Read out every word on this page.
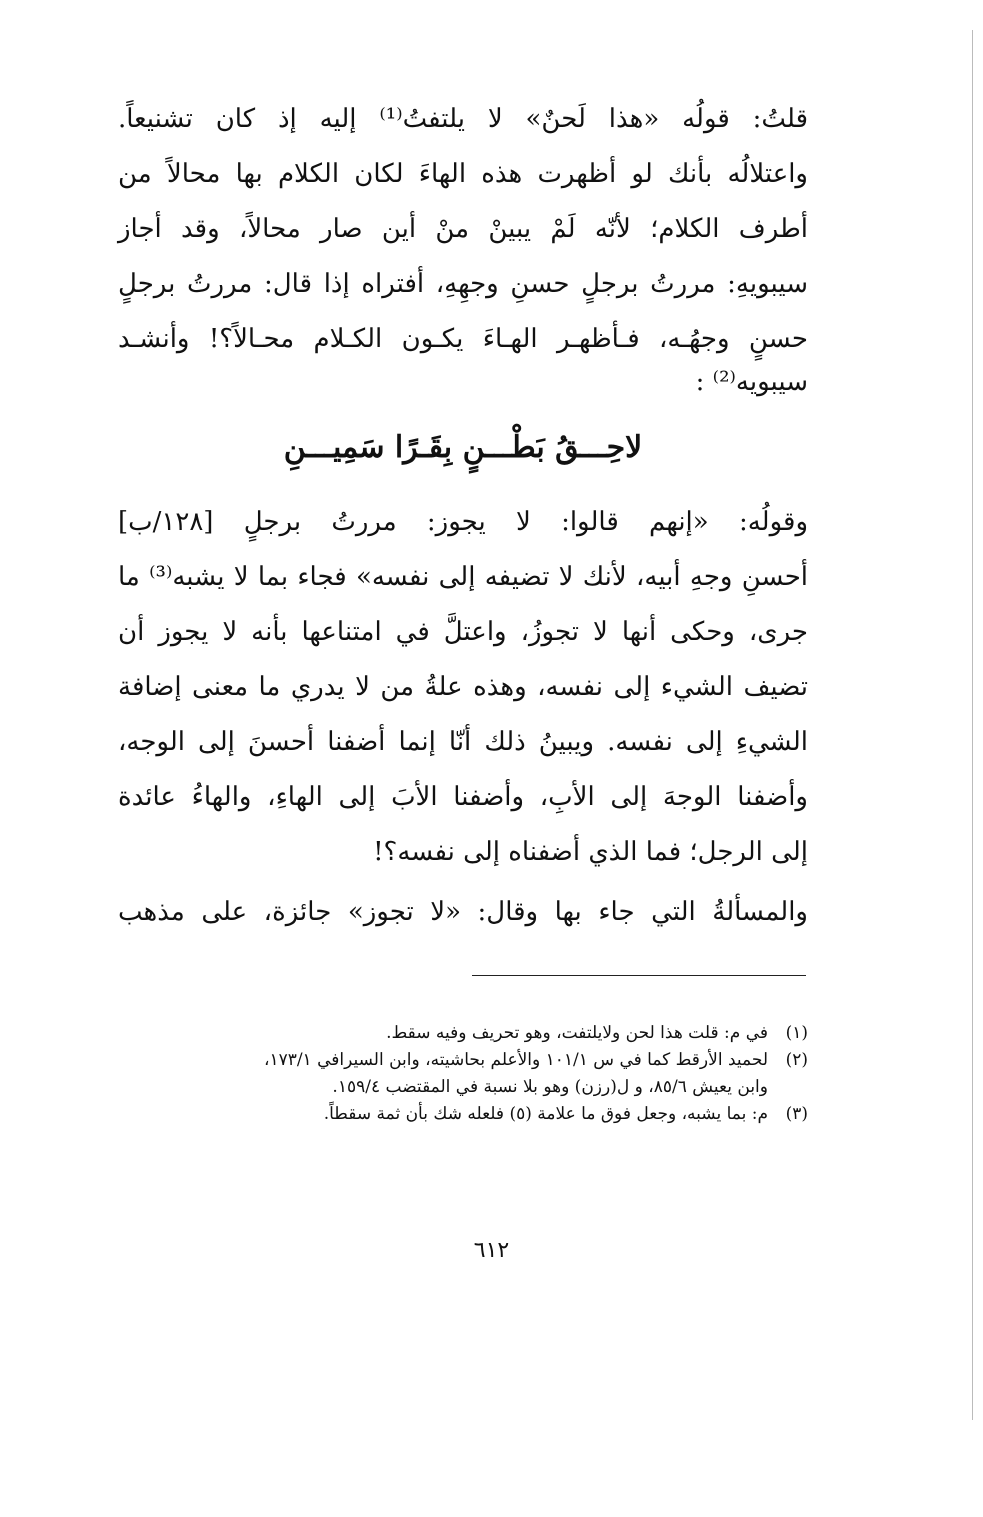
قلتُ: قولُه «هذا لَحنٌ» لا يلتفتُ⁽¹⁾ إليه إذ كان تشنيعاً.
واعتلالُه بأنك لو أظهرت هذه الهاءَ لكان الكلام بها محالاً من
أطرف الكلام؛ لأنّه لَمْ يبينْ منْ أين صار محالاً، وقد أجاز
سيبويهِ: مررتُ برجلٍ حسنِ وجهِهِ، أفتراه إذا قال: مررتُ برجلٍ
حسنٍ وجهُـه، فـأظهـر الهـاءَ يكـون الكـلام محـالاً؟! وأنشـد
سيبويه⁽²⁾ :
لاحِـــقُ بَطْـــنٍ بِقَـرًا سَمِيـــنِ
وقولُه: «إنهم قالوا: لا يجوز: مررتُ برجلٍ [١٢٨/ب]
أحسنِ وجهِ أبيه، لأنك لا تضيفه إلى نفسه» فجاء بما لا يشبه⁽³⁾ ما
جرى، وحكى أنها لا تجوزُ، واعتلَّ في امتناعها بأنه لا يجوز أن
تضيف الشيء إلى نفسه، وهذه علةُ من لا يدري ما معنى إضافة
الشيءِ إلى نفسه. ويبينُ ذلك أنّا إنما أضفنا أحسنَ إلى الوجه،
وأضفنا الوجهَ إلى الأبِ، وأضفنا الأبَ إلى الهاءِ، والهاءُ عائدة
إلى الرجل؛ فما الذي أضفناه إلى نفسه؟!
والمسألةُ التي جاء بها وقال: «لا تجوز» جائزة، على مذهب
(١)
في م: قلت هذا لحن ولايلتفت، وهو تحريف وفيه سقط.
(٢)
لحميد الأرقط كما في س ١٠١/١ والأعلم بحاشيته، وابن السيرافي ١٧٣/١،
وابن يعيش ٨٥/٦، و ل(رزن) وهو بلا نسبة في المقتضب ١٥٩/٤.
(٣)
م: بما يشبه، وجعل فوق ما علامة (٥) فلعله شك بأن ثمة سقطاً.
٦١٢
